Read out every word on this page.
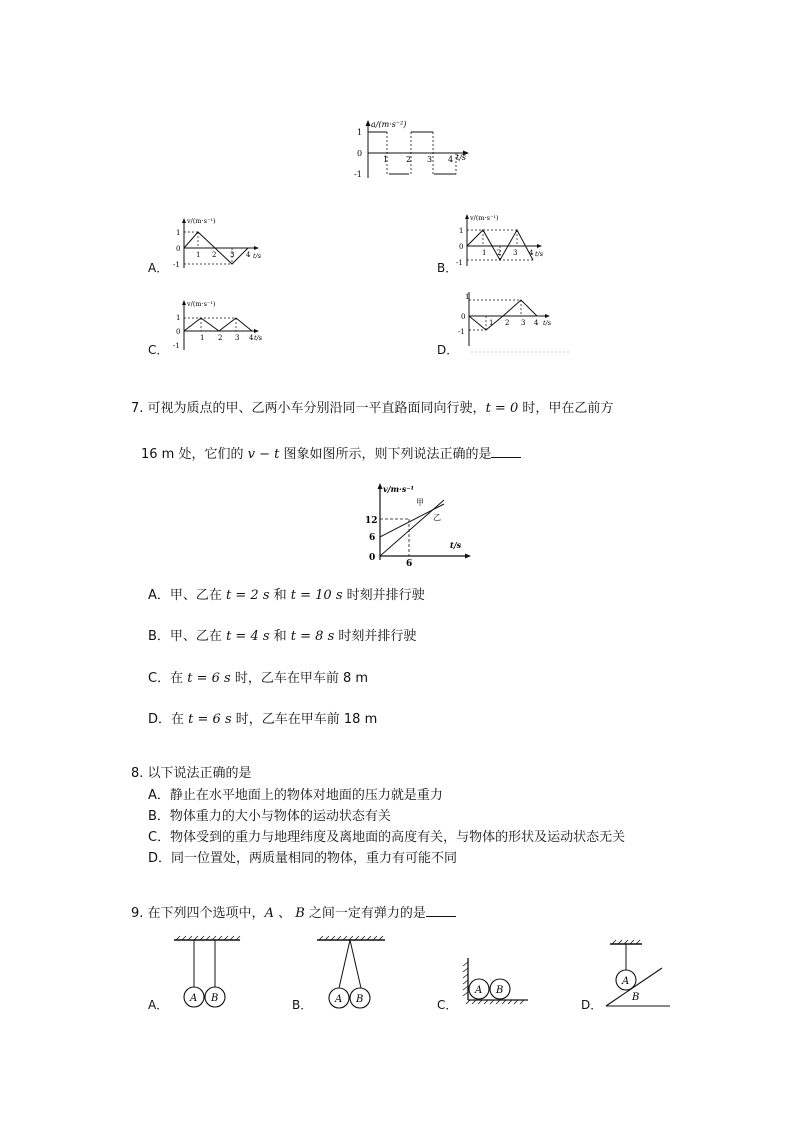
a/(m·s⁻²)
t/s
1
0
-1
1 2 3 4
A．
v/(m·s⁻¹)
t/s
1
0
-1
1 2 3 4
B．
v/(m·s⁻¹)
t/s
1
0
-1
1 2 3 4
C．
v/(m·s⁻¹)
t/s
1
0
-1
1 2 3 4
D．
t/s
1
0
-1
1 2 3 4
7. 可视为质点的甲、乙两小车分别沿同一平直路面同向行驶，t = 0 时，甲在乙前方
16 m 处，它们的 v − t 图象如图所示，则下列说法正确的是
v/m·s⁻¹
t/s
12
6
0
6
甲
乙
A．甲、乙在 t = 2 s 和 t = 10 s 时刻并排行驶
B．甲、乙在 t = 4 s 和 t = 8 s 时刻并排行驶
C．在 t = 6 s 时，乙车在甲车前 8 m
D．在 t = 6 s 时，乙车在甲车前 18 m
8. 以下说法正确的是
A．静止在水平地面上的物体对地面的压力就是重力
B．物体重力的大小与物体的运动状态有关
C．物体受到的重力与地理纬度及离地面的高度有关，与物体的形状及运动状态无关
D．同一位置处，两质量相同的物体，重力有可能不同
9. 在下列四个选项中，A 、 B 之间一定有弹力的是
A． A B	B． A B	C．
A B
D．
A
B
